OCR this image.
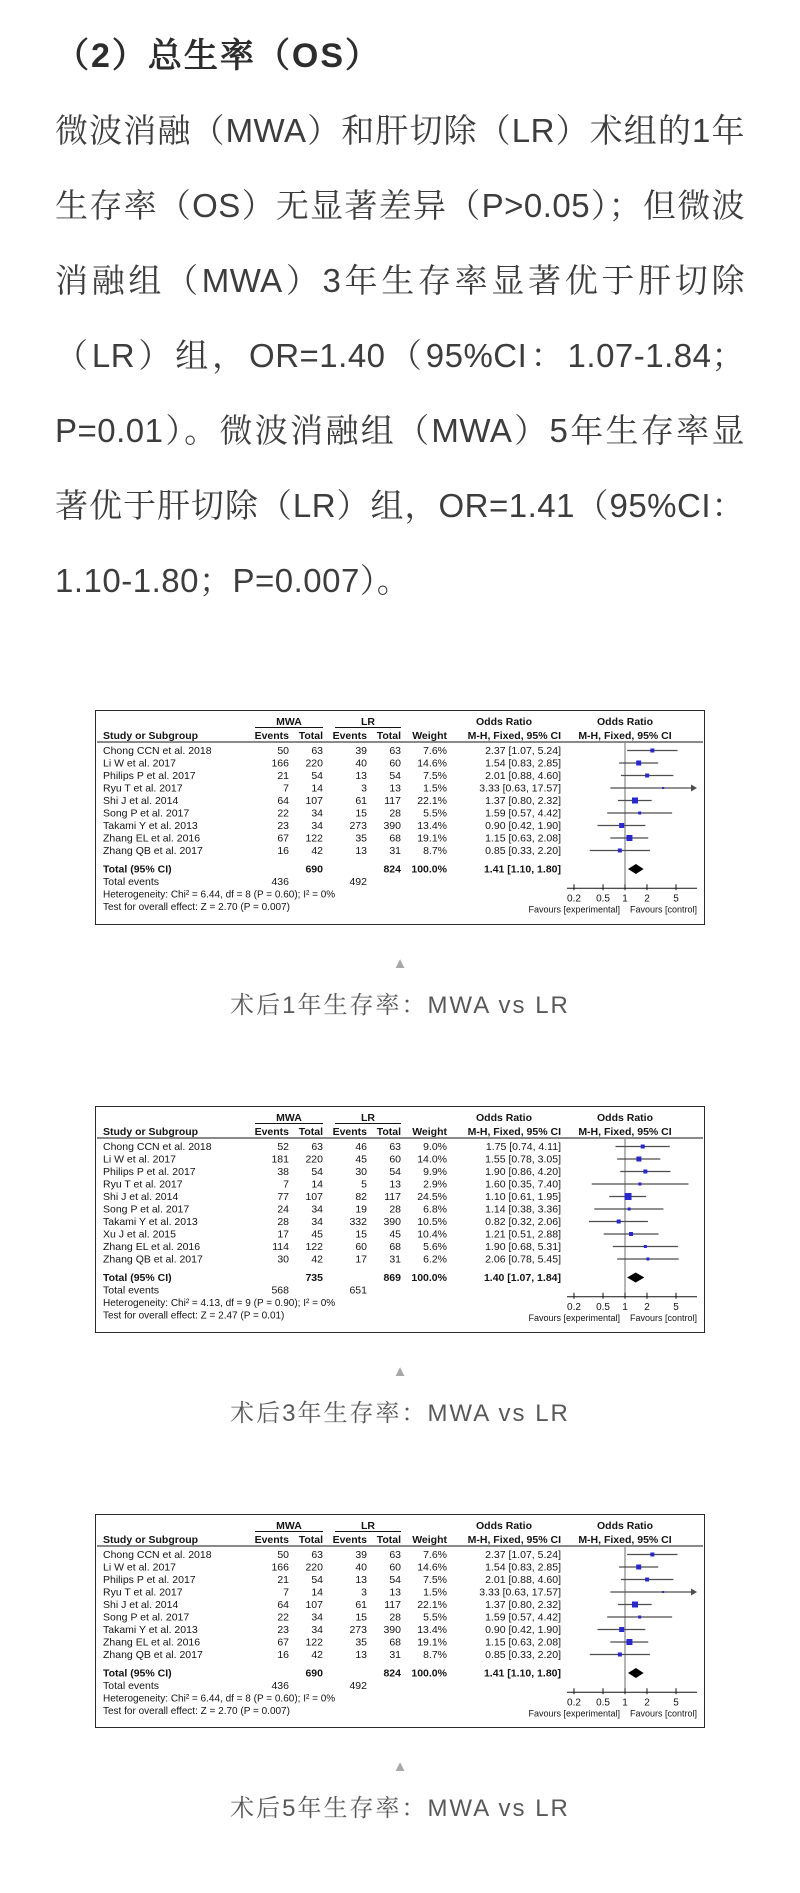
（2）总生率（OS）

微波消融（MWA）和肝切除（LR）术组的1年生存率（OS）无显著差异（P>0.05）；但微波消融组（MWA）3年生存率显著优于肝切除（LR）组，OR=1.40（95%CI：1.07-1.84；P=0.01）。微波消融组（MWA）5年生存率显著优于肝切除（LR）组，OR=1.41（95%CI：1.10-1.80；P=0.007）。

MWA	LR	Odds Ratio	Odds Ratio
Study or Subgroup	Events Total Events Total Weight M-H, Fixed, 95% CI M-H, Fixed, 95% CI
Chong CCN et al. 2018	50 63	39 63 7.6%	2.37 [1.07, 5.24]
Li W et al. 2017	166 220	40 60 14.6%	1.54 [0.83, 2.85]
Philips P et al. 2017	21 54	13 54 7.5%	2.01 [0.88, 4.60]
Ryu T et al. 2017	7 14	3 13 1.5%	3.33 [0.63, 17.57]
Shi J et al. 2014	64 107	61 117 22.1%	1.37 [0.80, 2.32]
Song P et al. 2017	22 34	15 28 5.5%	1.59 [0.57, 4.42]
Takami Y et al. 2013	23 34	273 390 13.4%	0.90 [0.42, 1.90]
Zhang EL et al. 2016	67 122	35 68 19.1%	1.15 [0.63, 2.08]
Zhang QB et al. 2017	16 42	13 31 8.7%	0.85 [0.33, 2.20]
Total (95% CI)	690	824 100.0%	1.41 [1.10, 1.80]
Total events	436	492
Heterogeneity: Chi² = 6.44, df = 8 (P = 0.60); I² = 0%
Test for overall effect: Z = 2.70 (P = 0.007)
0.2 0.5 1 2 5
Favours [experimental] Favours [control]
▲
术后1年生存率：MWA vs LR
MWA	LR	Odds Ratio	Odds Ratio
Study or Subgroup	Events Total Events Total Weight M-H, Fixed, 95% CI M-H, Fixed, 95% CI
Chong CCN et al. 2018	52 63	46 63 9.0%	1.75 [0.74, 4.11]
Li W et al. 2017	181 220	45 60 14.0%	1.55 [0.78, 3.05]
Philips P et al. 2017	38 54	30 54 9.9%	1.90 [0.86, 4.20]
Ryu T et al. 2017	7 14	5 13 2.9%	1.60 [0.35, 7.40]
Shi J et al. 2014	77 107	82 117 24.5%	1.10 [0.61, 1.95]
Song P et al. 2017	24 34	19 28 6.8%	1.14 [0.38, 3.36]
Takami Y et al. 2013	28 34	332 390 10.5%	0.82 [0.32, 2.06]
Xu J et al. 2015	17 45	15 45 10.4%	1.21 [0.51, 2.88]
Zhang EL et al. 2016	114 122	60 68 5.6%	1.90 [0.68, 5.31]
Zhang QB et al. 2017	30 42	17 31 6.2%	2.06 [0.78, 5.45]
Total (95% CI)	735	869 100.0%	1.40 [1.07, 1.84]
Total events	568	651
Heterogeneity: Chi² = 4.13, df = 9 (P = 0.90); I² = 0%
Test for overall effect: Z = 2.47 (P = 0.01)
0.2 0.5 1 2 5
Favours [experimental] Favours [control]
▲
术后3年生存率：MWA vs LR
MWA	LR	Odds Ratio	Odds Ratio
Study or Subgroup	Events Total Events Total Weight M-H, Fixed, 95% CI M-H, Fixed, 95% CI
Chong CCN et al. 2018	50 63	39 63 7.6%	2.37 [1.07, 5.24]
Li W et al. 2017	166 220	40 60 14.6%	1.54 [0.83, 2.85]
Philips P et al. 2017	21 54	13 54 7.5%	2.01 [0.88, 4.60]
Ryu T et al. 2017	7 14	3 13 1.5%	3.33 [0.63, 17.57]
Shi J et al. 2014	64 107	61 117 22.1%	1.37 [0.80, 2.32]
Song P et al. 2017	22 34	15 28 5.5%	1.59 [0.57, 4.42]
Takami Y et al. 2013	23 34	273 390 13.4%	0.90 [0.42, 1.90]
Zhang EL et al. 2016	67 122	35 68 19.1%	1.15 [0.63, 2.08]
Zhang QB et al. 2017	16 42	13 31 8.7%	0.85 [0.33, 2.20]
Total (95% CI)	690	824 100.0%	1.41 [1.10, 1.80]
Total events	436	492
Heterogeneity: Chi² = 6.44, df = 8 (P = 0.60); I² = 0%
Test for overall effect: Z = 2.70 (P = 0.007)
0.2 0.5 1 2 5
Favours [experimental] Favours [control]
▲
术后5年生存率：MWA vs LR
